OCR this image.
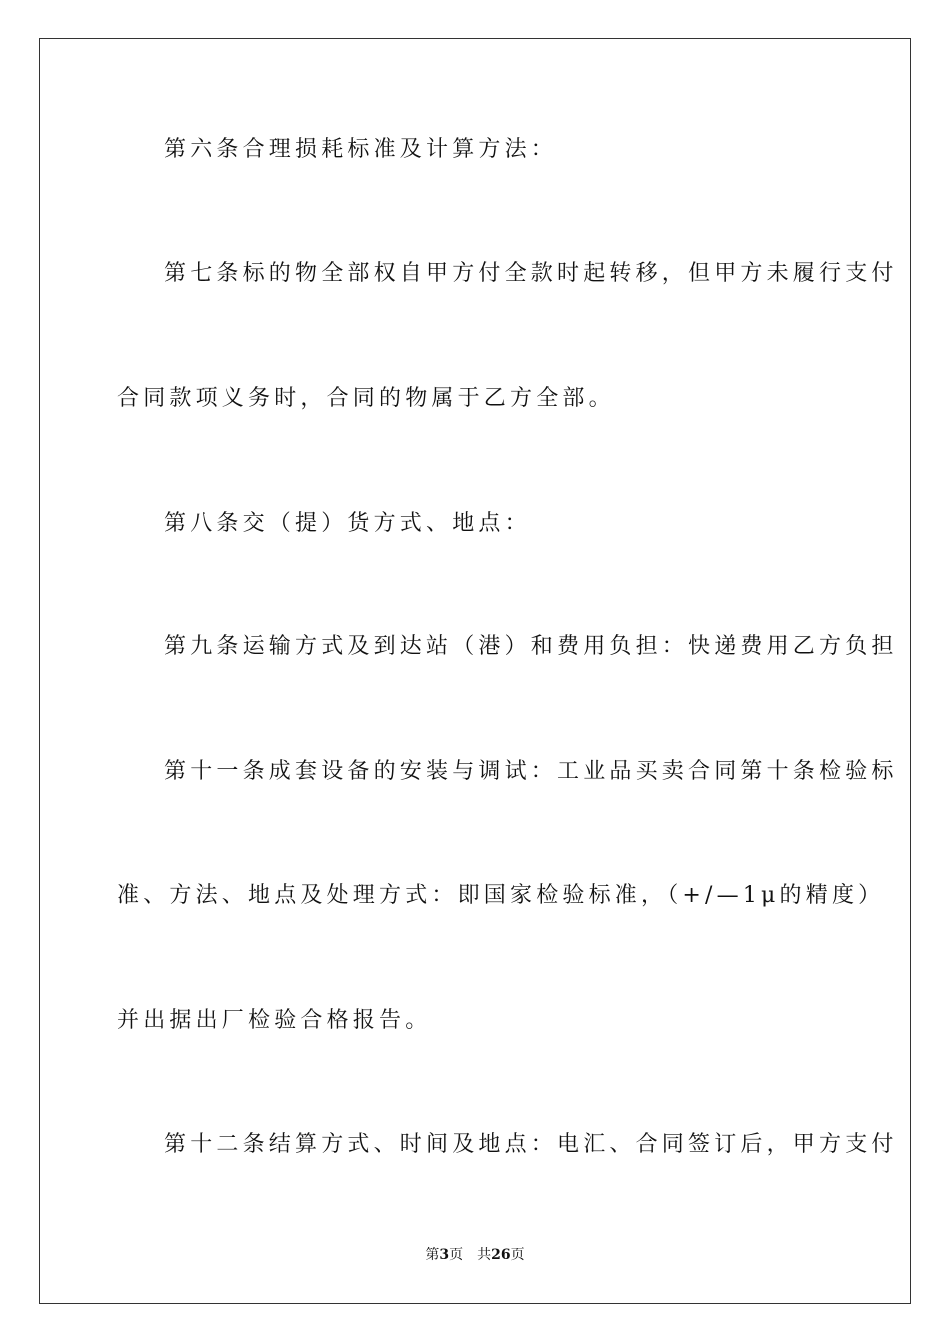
第六条合理损耗标准及计算方法：
第七条标的物全部权自甲方付全款时起转移，但甲方未履行支付
合同款项义务时，合同的物属于乙方全部。
第八条交（提）货方式、地点：
第九条运输方式及到达站（港）和费用负担：快递费用乙方负担
第十一条成套设备的安装与调试：工业品买卖合同第十条检验标
准、方法、地点及处理方式：即国家检验标准，（+/—1μ的精度）
并出据出厂检验合格报告。
第十二条结算方式、时间及地点：电汇、合同签订后，甲方支付
第3页 共26页
